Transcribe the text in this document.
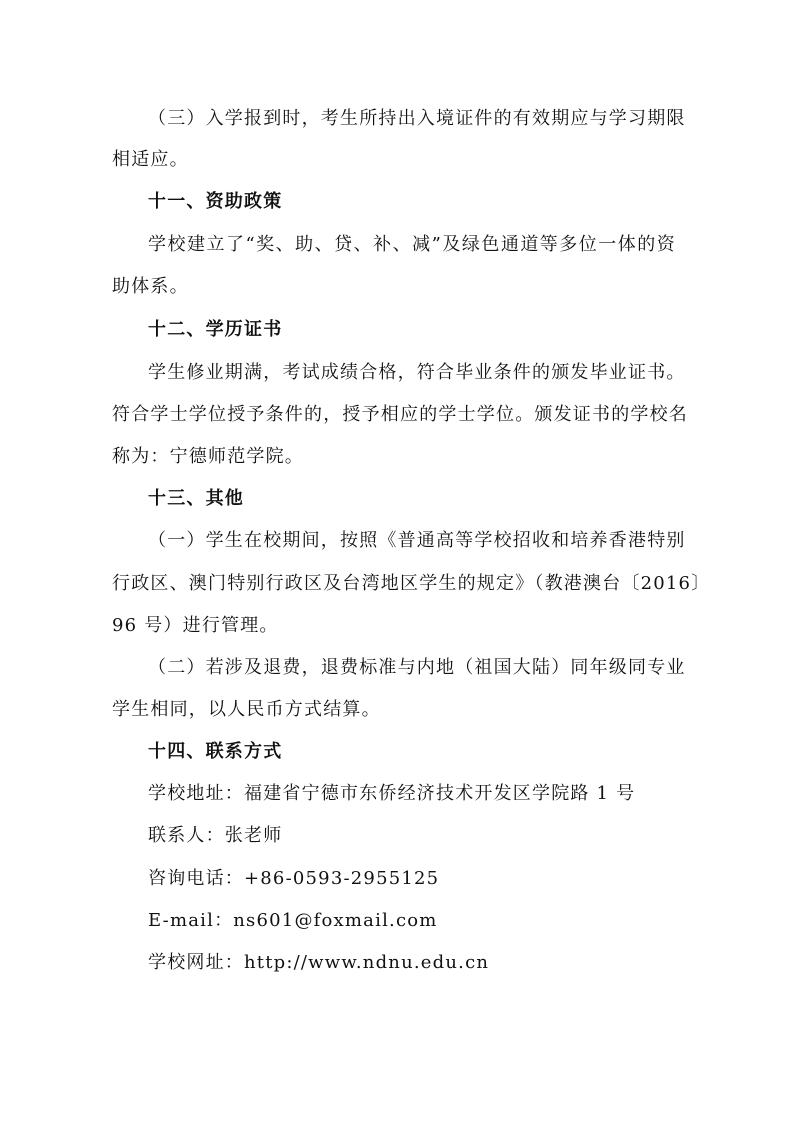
（三）入学报到时，考生所持出入境证件的有效期应与学习期限
相适应。
十一、资助政策
学校建立了“奖、助、贷、补、减”及绿色通道等多位一体的资
助体系。
十二、学历证书
学生修业期满，考试成绩合格，符合毕业条件的颁发毕业证书。
符合学士学位授予条件的，授予相应的学士学位。颁发证书的学校名
称为：宁德师范学院。
十三、其他
（一）学生在校期间，按照《普通高等学校招收和培养香港特别
行政区、澳门特别行政区及台湾地区学生的规定》（教港澳台〔2016〕
96 号）进行管理。
（二）若涉及退费，退费标准与内地（祖国大陆）同年级同专业
学生相同，以人民币方式结算。
十四、联系方式
学校地址：福建省宁德市东侨经济技术开发区学院路 1 号
联系人：张老师
咨询电话：+86-0593-2955125
E-mail：ns601@foxmail.com
学校网址：http://www.ndnu.edu.cn
